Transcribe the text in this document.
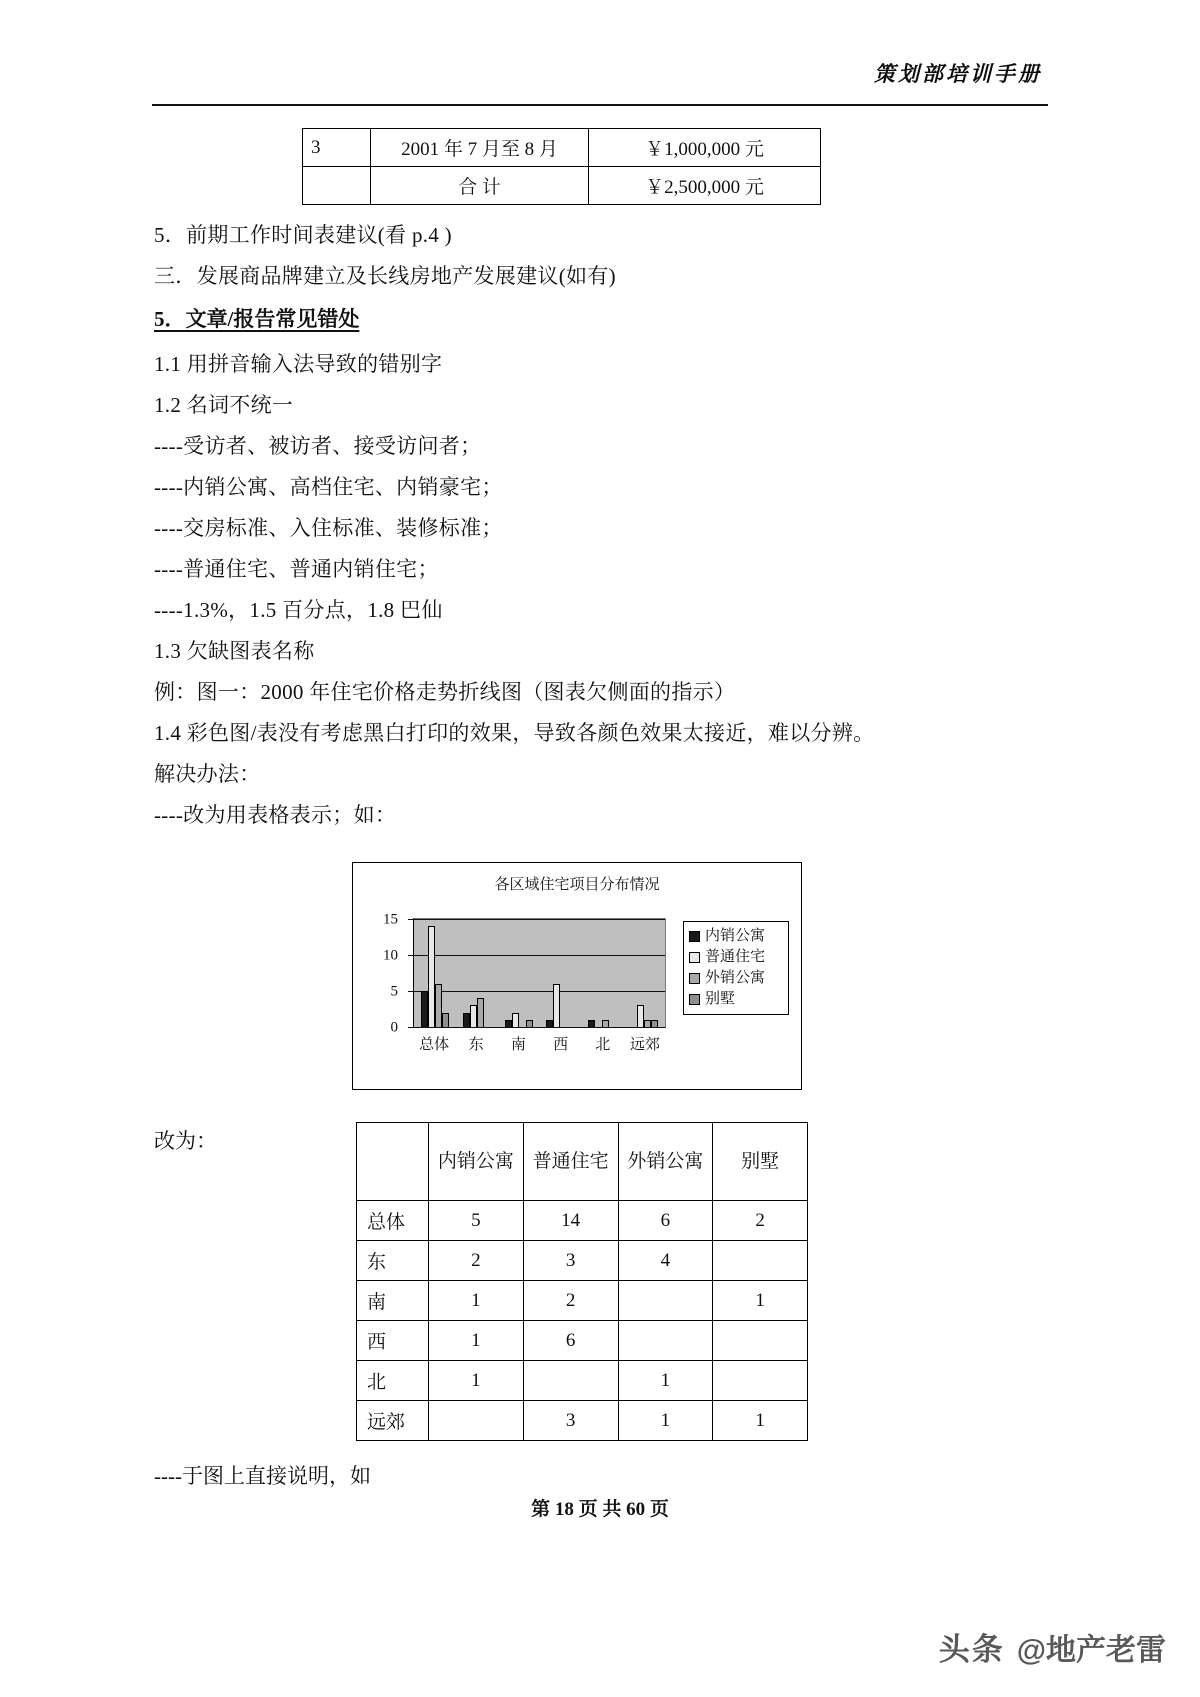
策划部培训手册
3	2001 年 7 月至 8 月	￥1,000,000 元
	合 计	￥2,500,000 元

5．前期工作时间表建议(看 p.4 )

三．发展商品牌建立及长线房地产发展建议(如有)

5．文章/报告常见错处

1.1 用拼音输入法导致的错别字

1.2 名词不统一

----受访者、被访者、接受访问者；

----内销公寓、高档住宅、内销豪宅；

----交房标准、入住标准、装修标准；

----普通住宅、普通内销住宅；

----1.3%，1.5 百分点，1.8 巴仙

1.3 欠缺图表名称

例：图一：2000 年住宅价格走势折线图（图表欠侧面的指示）

1.4 彩色图/表没有考虑黑白打印的效果，导致各颜色效果太接近，难以分辨。

解决办法：

----改为用表格表示；如：

各区域住宅项目分布情况
15
10
5
0
总体	东	南	西	北	远郊
内销公寓
普通住宅
外销公寓
别墅
改为：
	内销公寓	普通住宅	外销公寓	别墅
总体	5	14	6	2
东	2	3	4	
南	1	2		1
西	1	6		
北	1		1	
远郊		3	1	1
----于图上直接说明，如
第 18 页 共 60 页
头条 @地产老雷
